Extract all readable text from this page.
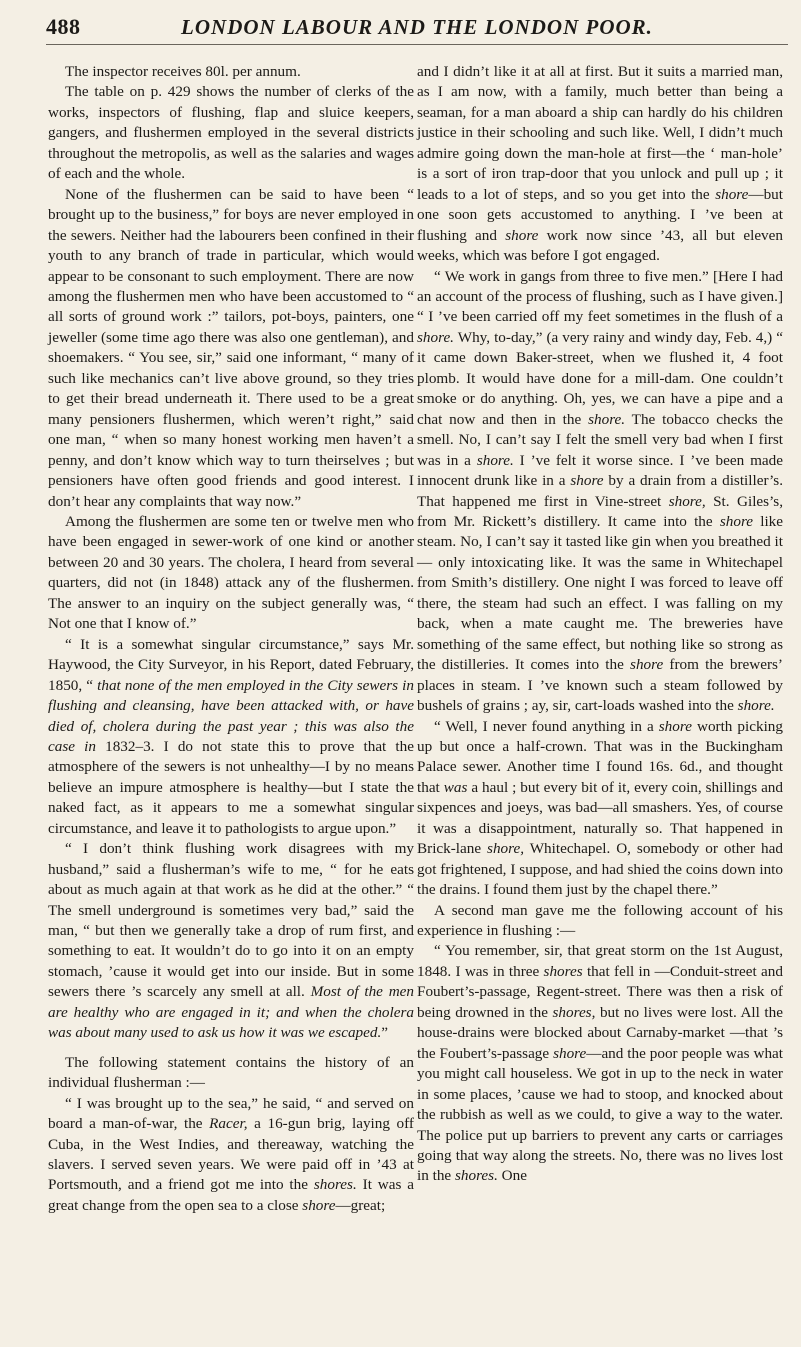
488	LONDON LABOUR AND THE LONDON POOR.

The inspector receives 80l. per annum.

The table on p. 429 shows the number of clerks of the works, inspectors of flushing, flap and sluice keepers, gangers, and flushermen employed in the several districts throughout the metropolis, as well as the salaries and wages of each and the whole.

None of the flushermen can be said to have been “ brought up to the business,” for boys are never employed in the sewers. Neither had the labourers been confined in their youth to any branch of trade in particular, which would appear to be consonant to such employment. There are now among the flushermen men who have been accustomed to “ all sorts of ground work :” tailors, pot-boys, painters, one jeweller (some time ago there was also one gentleman), and shoemakers. “ You see, sir,” said one informant, “ many of such like mechanics can’t live above ground, so they tries to get their bread underneath it. There used to be a great many pensioners flushermen, which weren’t right,” said one man, “ when so many honest working men haven’t a penny, and don’t know which way to turn theirselves ; but pensioners have often good friends and good interest. I don’t hear any complaints that way now.”

Among the flushermen are some ten or twelve men who have been engaged in sewer-work of one kind or another between 20 and 30 years. The cholera, I heard from several quarters, did not (in 1848) attack any of the flushermen. The answer to an inquiry on the subject generally was, “ Not one that I know of.”

“ It is a somewhat singular circumstance,” says Mr. Haywood, the City Surveyor, in his Report, dated February, 1850, “ that none of the men employed in the City sewers in flushing and cleansing, have been attacked with, or have died of, cholera during the past year ; this was also the case in 1832–3. I do not state this to prove that the atmosphere of the sewers is not unhealthy—I by no means believe an impure atmosphere is healthy—but I state the naked fact, as it appears to me a somewhat singular circumstance, and leave it to pathologists to argue upon.”

“ I don’t think flushing work disagrees with my husband,” said a flusherman’s wife to me, “ for he eats about as much again at that work as he did at the other.” “ The smell underground is sometimes very bad,” said the man, “ but then we generally take a drop of rum first, and something to eat. It wouldn’t do to go into it on an empty stomach, ’cause it would get into our inside. But in some sewers there ’s scarcely any smell at all. Most of the men are healthy who are engaged in it; and when the cholera was about many used to ask us how it was we escaped.”

The following statement contains the history of an individual flusherman :—

“ I was brought up to the sea,” he said, “ and served on board a man-of-war, the Racer, a 16-gun brig, laying off Cuba, in the West Indies, and thereaway, watching the slavers. I served seven years. We were paid off in ’43 at Portsmouth, and a friend got me into the shores. It was a great change from the open sea to a close shore—great;

and I didn’t like it at all at first. But it suits a married man, as I am now, with a family, much better than being a seaman, for a man aboard a ship can hardly do his children justice in their schooling and such like. Well, I didn’t much admire going down the man-hole at first—the ‘ man-hole’ is a sort of iron trap-door that you unlock and pull up ; it leads to a lot of steps, and so you get into the shore—but one soon gets accustomed to anything. I ’ve been at flushing and shore work now since ’43, all but eleven weeks, which was before I got engaged.

“ We work in gangs from three to five men.” [Here I had an account of the process of flushing, such as I have given.] “ I ’ve been carried off my feet sometimes in the flush of a shore. Why, to-day,” (a very rainy and windy day, Feb. 4,) “ it came down Baker-street, when we flushed it, 4 foot plomb. It would have done for a mill-dam. One couldn’t smoke or do anything. Oh, yes, we can have a pipe and a chat now and then in the shore. The tobacco checks the smell. No, I can’t say I felt the smell very bad when I first was in a shore. I ’ve felt it worse since. I ’ve been made innocent drunk like in a shore by a drain from a distiller’s. That happened me first in Vine-street shore, St. Giles’s, from Mr. Rickett’s distillery. It came into the shore like steam. No, I can’t say it tasted like gin when you breathed it— only intoxicating like. It was the same in Whitechapel from Smith’s distillery. One night I was forced to leave off there, the steam had such an effect. I was falling on my back, when a mate caught me. The breweries have something of the same effect, but nothing like so strong as the distilleries. It comes into the shore from the brewers’ places in steam. I ’ve known such a steam followed by bushels of grains ; ay, sir, cart-loads washed into the shore.

“ Well, I never found anything in a shore worth picking up but once a half-crown. That was in the Buckingham Palace sewer. Another time I found 16s. 6d., and thought that was a haul ; but every bit of it, every coin, shillings and sixpences and joeys, was bad—all smashers. Yes, of course it was a disappointment, naturally so. That happened in Brick-lane shore, Whitechapel. O, somebody or other had got frightened, I suppose, and had shied the coins down into the drains. I found them just by the chapel there.”

A second man gave me the following account of his experience in flushing :—

“ You remember, sir, that great storm on the 1st August, 1848. I was in three shores that fell in —Conduit-street and Foubert’s-passage, Regent-street. There was then a risk of being drowned in the shores, but no lives were lost. All the house-drains were blocked about Carnaby-market —that ’s the Foubert’s-passage shore—and the poor people was what you might call houseless. We got in up to the neck in water in some places, ’cause we had to stoop, and knocked about the rubbish as well as we could, to give a way to the water. The police put up barriers to prevent any carts or carriages going that way along the streets. No, there was no lives lost in the shores. One
